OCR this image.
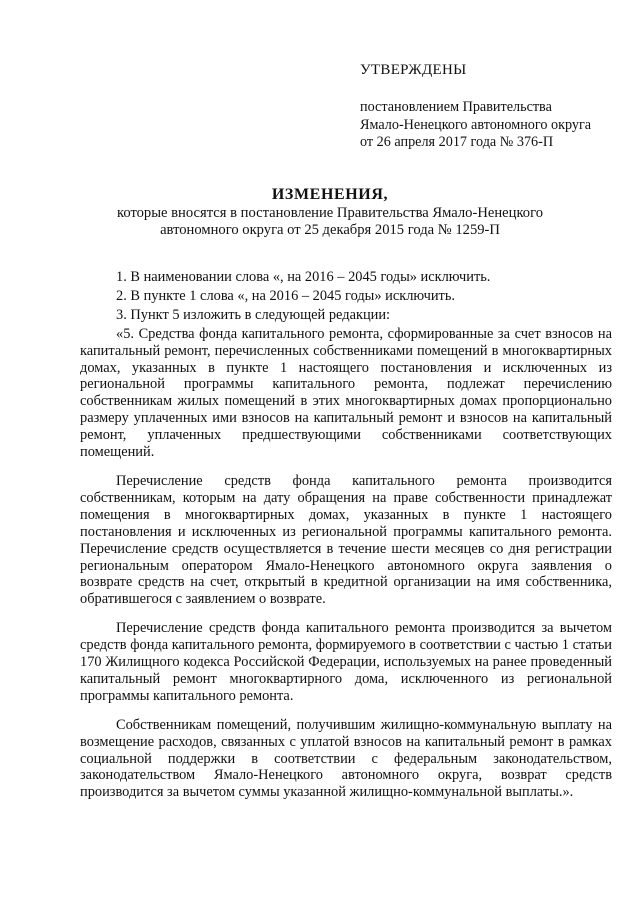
УТВЕРЖДЕНЫ
постановлением Правительства
Ямало-Ненецкого автономного округа
от 26 апреля 2017 года № 376-П
ИЗМЕНЕНИЯ,
которые вносятся в постановление Правительства Ямало-Ненецкого
автономного округа от 25 декабря 2015 года № 1259-П

1. В наименовании слова «, на 2016 – 2045 годы» исключить.

2. В пункте 1 слова «, на 2016 – 2045 годы» исключить.

3. Пункт 5 изложить в следующей редакции:

«5. Средства фонда капитального ремонта, сформированные за счет взносов на капитальный ремонт, перечисленных собственниками помещений в многоквартирных домах, указанных в пункте 1 настоящего постановления и исключенных из региональной программы капитального ремонта, подлежат перечислению собственникам жилых помещений в этих многоквартирных домах пропорционально размеру уплаченных ими взносов на капитальный ремонт и взносов на капитальный ремонт, уплаченных предшествующими собственниками соответствующих помещений.

Перечисление средств фонда капитального ремонта производится собственникам, которым на дату обращения на праве собственности принадлежат помещения в многоквартирных домах, указанных в пункте 1 настоящего постановления и исключенных из региональной программы капитального ремонта. Перечисление средств осуществляется в течение шести месяцев со дня регистрации региональным оператором Ямало-Ненецкого автономного округа заявления о возврате средств на счет, открытый в кредитной организации на имя собственника, обратившегося с заявлением о возврате.

Перечисление средств фонда капитального ремонта производится за вычетом средств фонда капитального ремонта, формируемого в соответствии с частью 1 статьи 170 Жилищного кодекса Российской Федерации, используемых на ранее проведенный капитальный ремонт многоквартирного дома, исключенного из региональной программы капитального ремонта.

Собственникам помещений, получившим жилищно-коммунальную выплату на возмещение расходов, связанных с уплатой взносов на капитальный ремонт в рамках социальной поддержки в соответствии с федеральным законодательством, законодательством Ямало-Ненецкого автономного округа, возврат средств производится за вычетом суммы указанной жилищно-коммунальной выплаты.».
